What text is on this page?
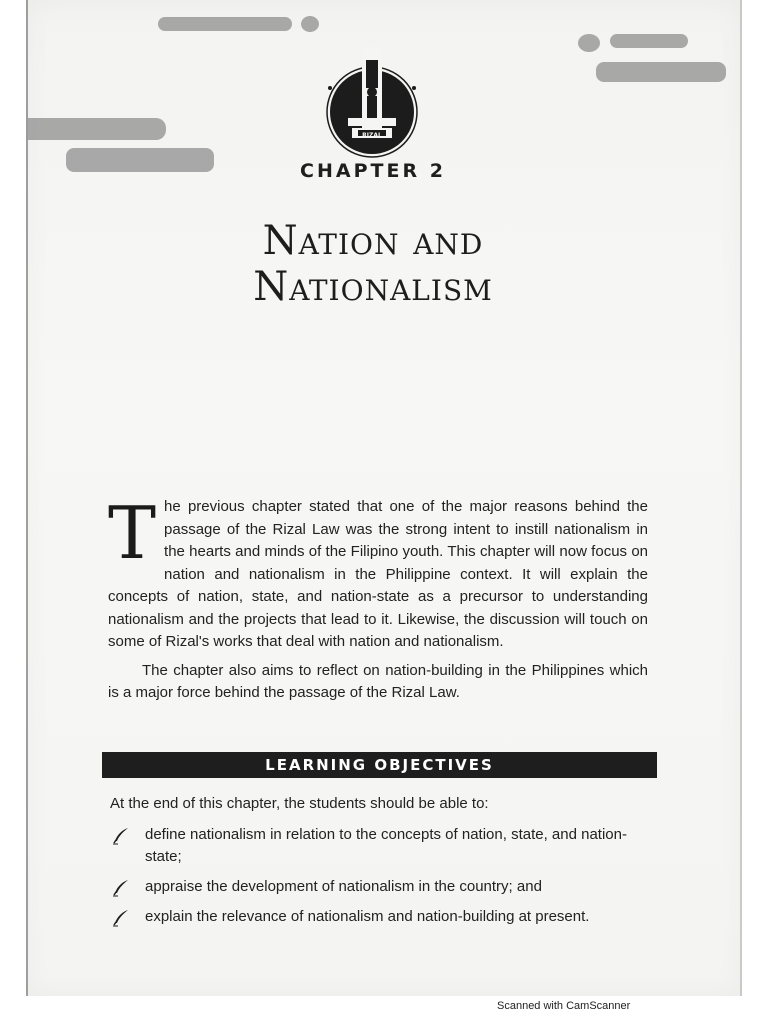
RIZAL
CHAPTER 2
Nation and
Nationalism

The previous chapter stated that one of the major reasons behind the passage of the Rizal Law was the strong intent to instill nationalism in the hearts and minds of the Filipino youth. This chapter will now focus on nation and nationalism in the Philippine context. It will explain the concepts of nation, state, and nation-state as a precursor to understanding nationalism and the projects that lead to it. Likewise, the discussion will touch on some of Rizal's works that deal with nation and nationalism.

The chapter also aims to reflect on nation-building in the Philippines which is a major force behind the passage of the Rizal Law.

LEARNING OBJECTIVES
At the end of this chapter, the students should be able to:
define nationalism in relation to the concepts of nation, state, and nation-state;
appraise the development of nationalism in the country; and
explain the relevance of nationalism and nation-building at present.
Scanned with CamScanner
